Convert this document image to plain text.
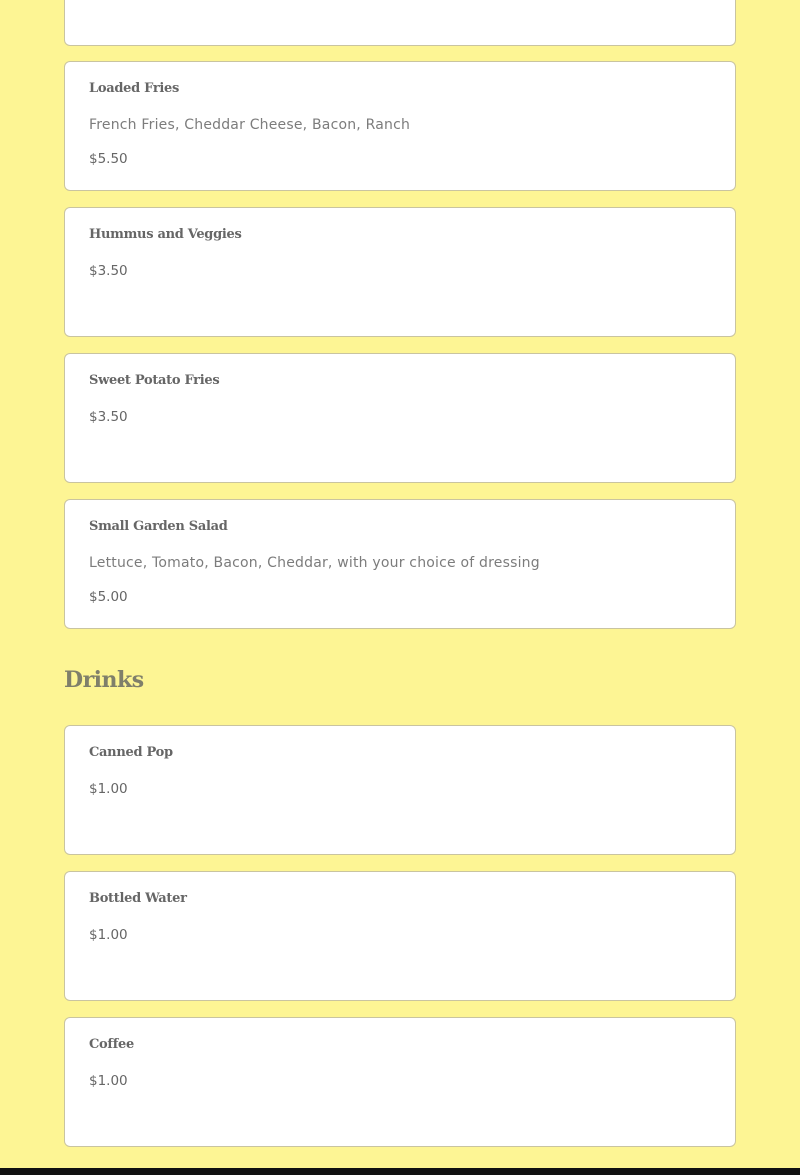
Loaded Fries
French Fries, Cheddar Cheese, Bacon, Ranch
$5.50
Hummus and Veggies
$3.50
Sweet Potato Fries
$3.50
Small Garden Salad
Lettuce, Tomato, Bacon, Cheddar, with your choice of dressing
$5.00
Drinks
Canned Pop
$1.00
Bottled Water
$1.00
Coffee
$1.00
